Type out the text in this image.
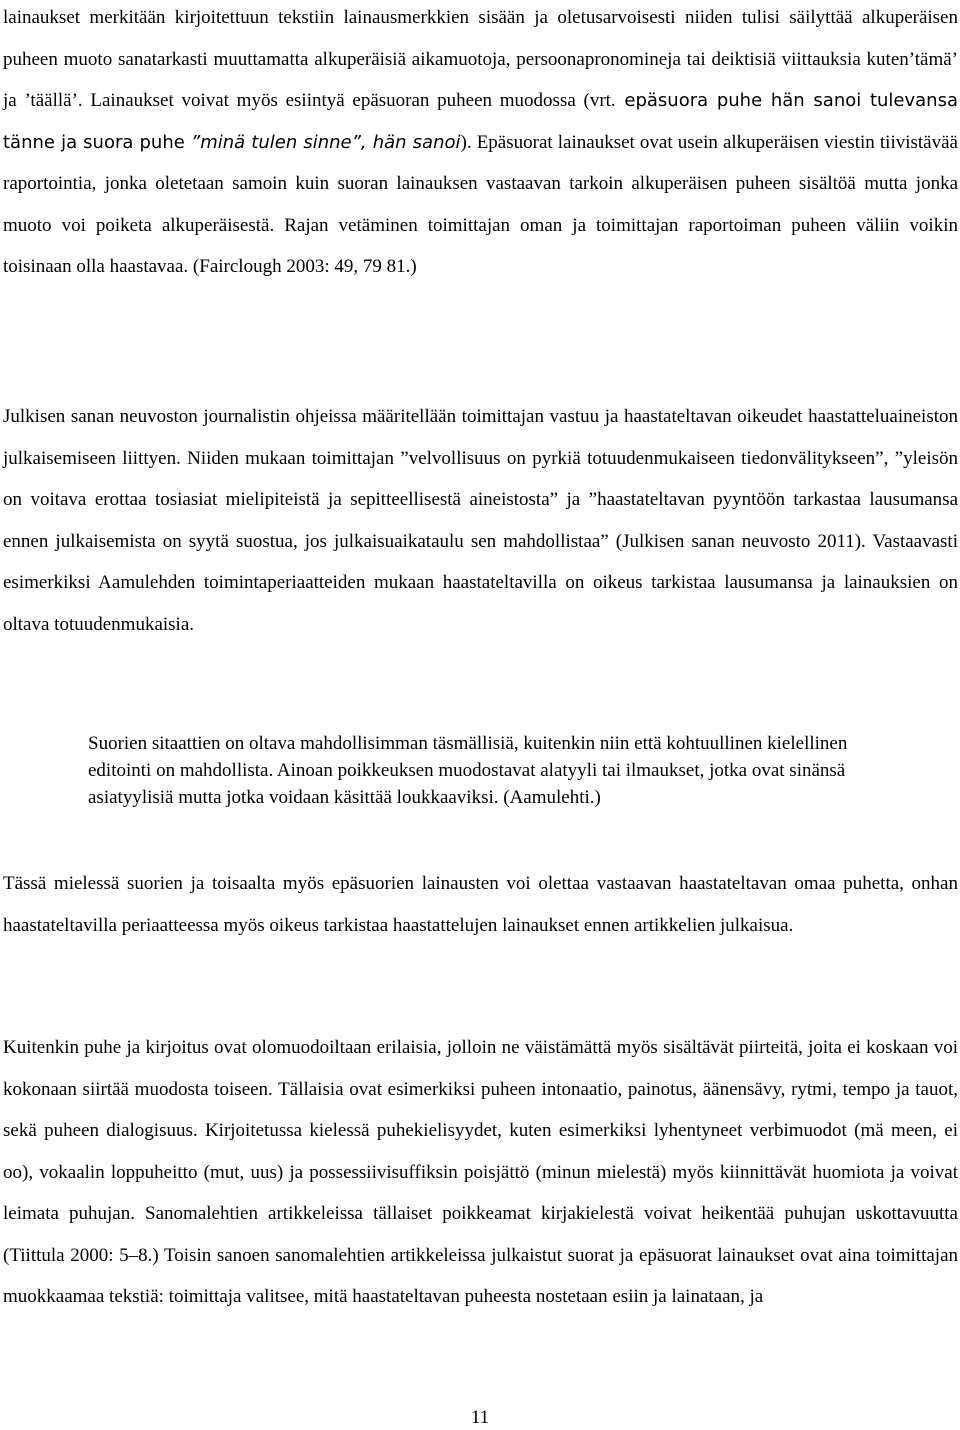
lainaukset merkitään kirjoitettuun tekstiin lainausmerkkien sisään ja oletusarvoisesti niiden tulisi säilyttää alkuperäisen puheen muoto sanatarkasti muuttamatta alkuperäisiä aikamuotoja, persoonapronomineja tai deiktisiä viittauksia kuten’tämä’ ja ’täällä’. Lainaukset voivat myös esiintyä epäsuoran puheen muodossa (vrt. epäsuora puhe hän sanoi tulevansa tänne ja suora puhe ”minä tulen sinne”, hän sanoi). Epäsuorat lainaukset ovat usein alkuperäisen viestin tiivistävää raportointia, jonka oletetaan samoin kuin suoran lainauksen vastaavan tarkoin alkuperäisen puheen sisältöä mutta jonka muoto voi poiketa alkuperäisestä. Rajan vetäminen toimittajan oman ja toimittajan raportoiman puheen väliin voikin toisinaan olla haastavaa. (Fairclough 2003: 49, 79 81.)

Julkisen sanan neuvoston journalistin ohjeissa määritellään toimittajan vastuu ja haastateltavan oikeudet haastatteluaineiston julkaisemiseen liittyen. Niiden mukaan toimittajan ”velvollisuus on pyrkiä totuudenmukaiseen tiedonvälitykseen”, ”yleisön on voitava erottaa tosiasiat mielipiteistä ja sepitteellisestä aineistosta” ja ”haastateltavan pyyntöön tarkastaa lausumansa ennen julkaisemista on syytä suostua, jos julkaisuaikataulu sen mahdollistaa” (Julkisen sanan neuvosto 2011). Vastaavasti esimerkiksi Aamulehden toimintaperiaatteiden mukaan haastateltavilla on oikeus tarkistaa lausumansa ja lainauksien on oltava totuudenmukaisia.

Suorien sitaattien on oltava mahdollisimman täsmällisiä, kuitenkin niin että kohtuullinen kielellinen editointi on mahdollista. Ainoan poikkeuksen muodostavat alatyyli tai ilmaukset, jotka ovat sinänsä asiatyylisiä mutta jotka voidaan käsittää loukkaaviksi. (Aamulehti.)

Tässä mielessä suorien ja toisaalta myös epäsuorien lainausten voi olettaa vastaavan haastateltavan omaa puhetta, onhan haastateltavilla periaatteessa myös oikeus tarkistaa haastattelujen lainaukset ennen artikkelien julkaisua.

Kuitenkin puhe ja kirjoitus ovat olomuodoiltaan erilaisia, jolloin ne väistämättä myös sisältävät piirteitä, joita ei koskaan voi kokonaan siirtää muodosta toiseen. Tällaisia ovat esimerkiksi puheen intonaatio, painotus, äänensävy, rytmi, tempo ja tauot, sekä puheen dialogisuus. Kirjoitetussa kielessä puhekielisyydet, kuten esimerkiksi lyhentyneet verbimuodot (mä meen, ei oo), vokaalin loppuheitto (mut, uus) ja possessiivisuffiksin poisjättö (minun mielestä) myös kiinnittävät huomiota ja voivat leimata puhujan. Sanomalehtien artikkeleissa tällaiset poikkeamat kirjakielestä voivat heikentää puhujan uskottavuutta (Tiittula 2000: 5–8.) Toisin sanoen sanomalehtien artikkeleissa julkaistut suorat ja epäsuorat lainaukset ovat aina toimittajan muokkaamaa tekstiä: toimittaja valitsee, mitä haastateltavan puheesta nostetaan esiin ja lainataan, ja

11
